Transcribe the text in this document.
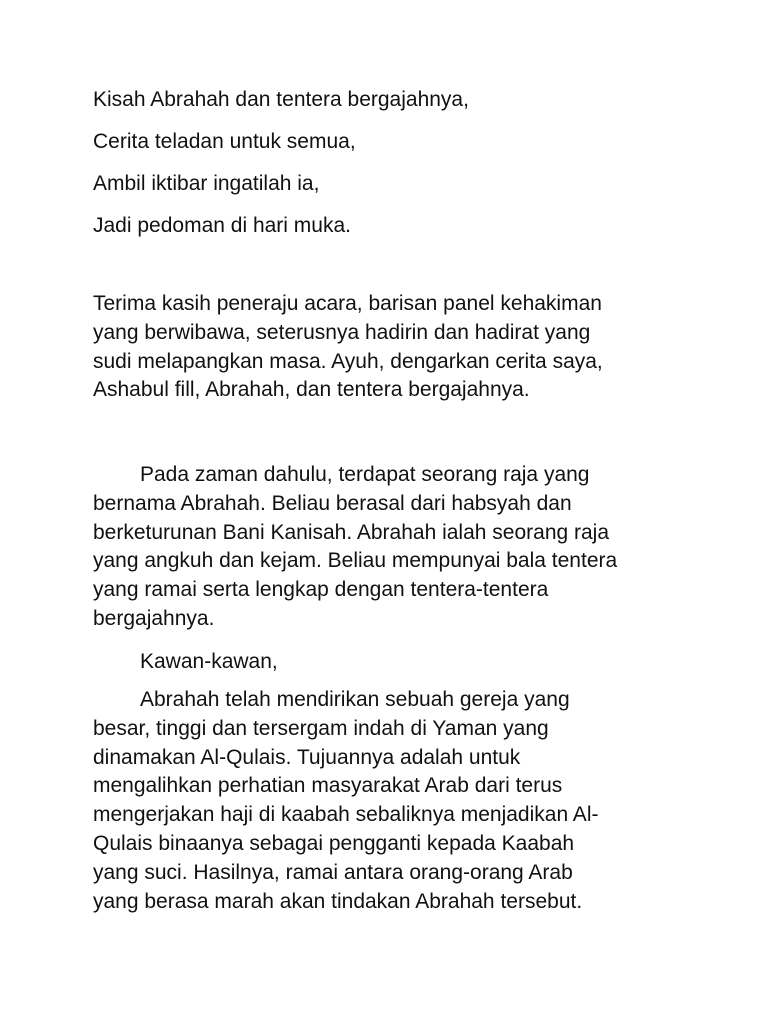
Kisah Abrahah dan tentera bergajahnya,
Cerita teladan untuk semua,
Ambil iktibar ingatilah ia,
Jadi pedoman di hari muka.

Terima kasih peneraju acara, barisan panel kehakiman
yang berwibawa, seterusnya hadirin dan hadirat yang
sudi melapangkan masa. Ayuh, dengarkan cerita saya,
Ashabul fill, Abrahah, dan tentera bergajahnya.

Pada zaman dahulu, terdapat seorang raja yang
bernama Abrahah. Beliau berasal dari habsyah dan
berketurunan Bani Kanisah. Abrahah ialah seorang raja
yang angkuh dan kejam. Beliau mempunyai bala tentera
yang ramai serta lengkap dengan tentera-tentera
bergajahnya.

Kawan-kawan,

Abrahah telah mendirikan sebuah gereja yang
besar, tinggi dan tersergam indah di Yaman yang
dinamakan Al-Qulais. Tujuannya adalah untuk
mengalihkan perhatian masyarakat Arab dari terus
mengerjakan haji di kaabah sebaliknya menjadikan Al-
Qulais binaanya sebagai pengganti kepada Kaabah
yang suci. Hasilnya, ramai antara orang-orang Arab
yang berasa marah akan tindakan Abrahah tersebut.
